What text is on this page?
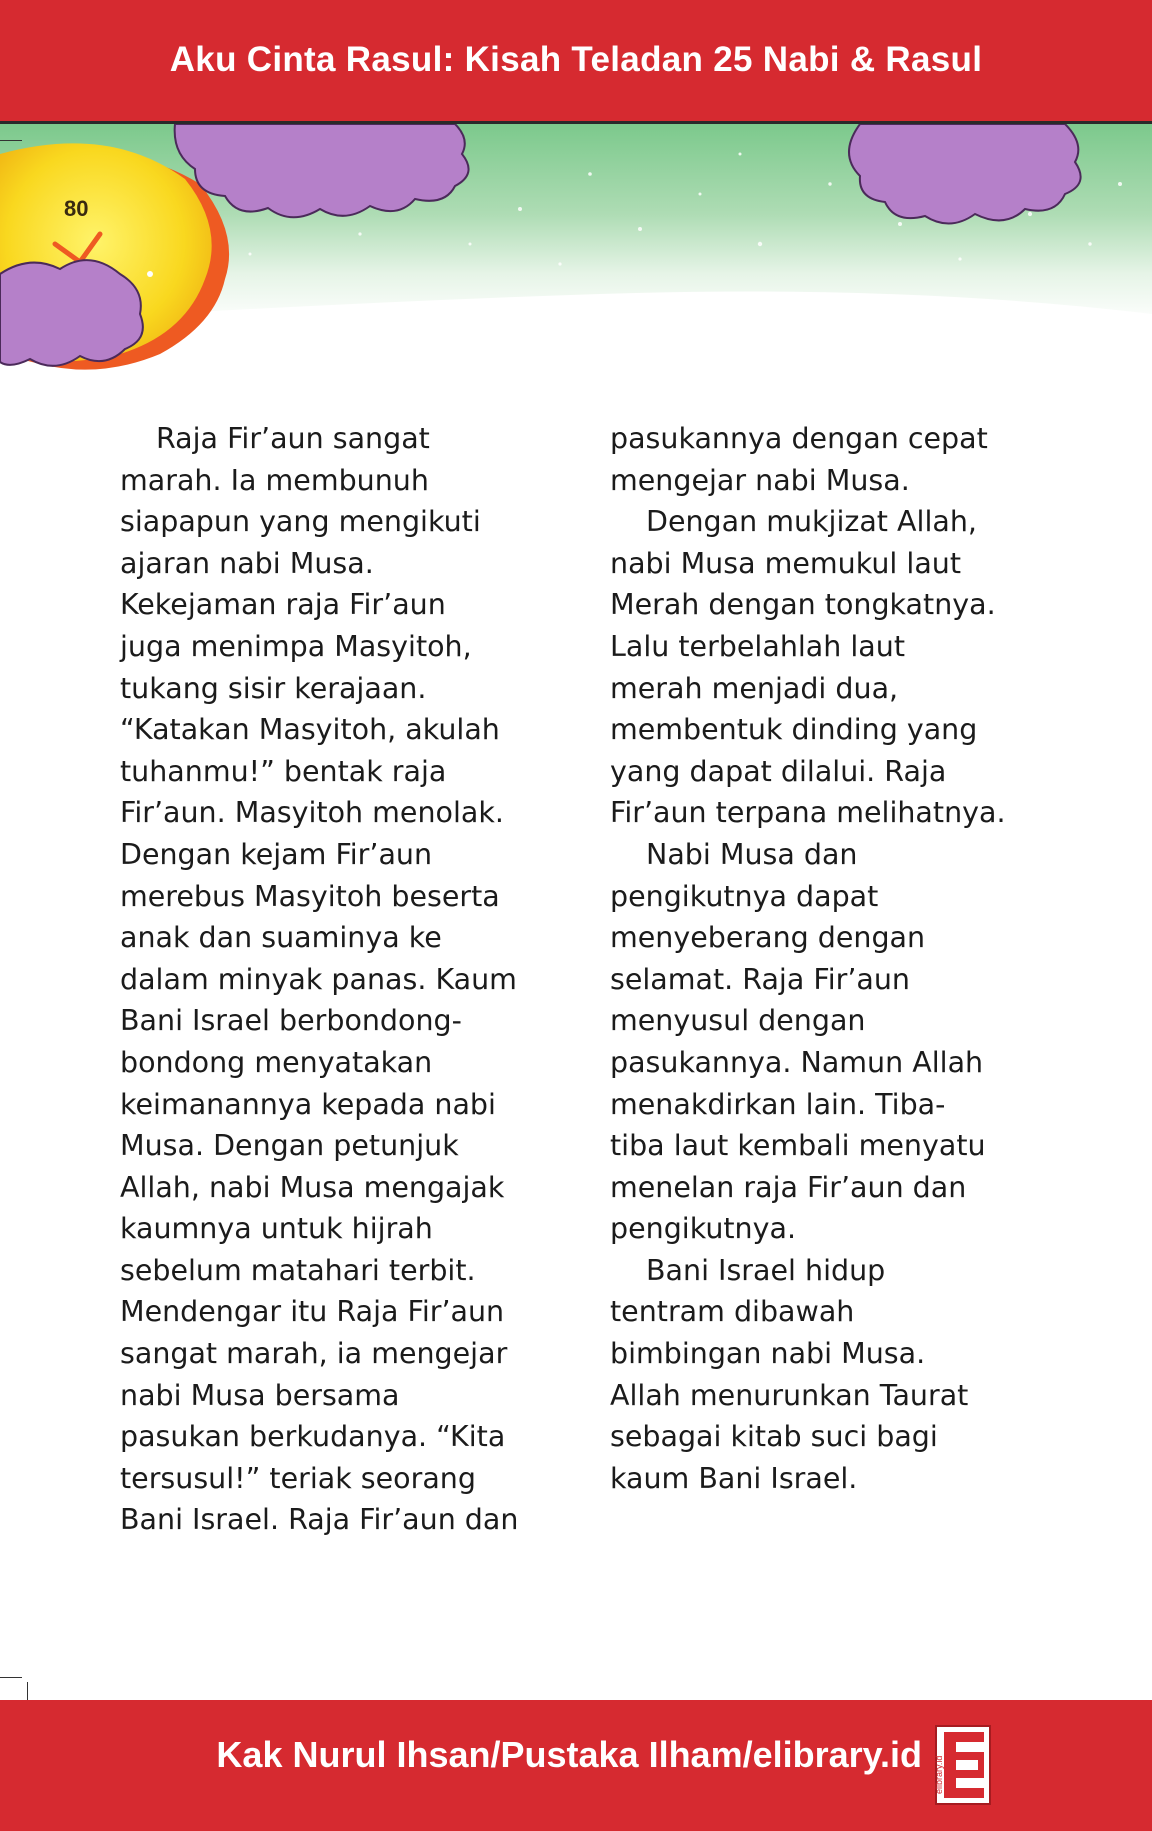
Aku Cinta Rasul: Kisah Teladan 25 Nabi & Rasul
80
Raja Fir’aun sangat
marah. Ia membunuh
siapapun yang mengikuti
ajaran nabi Musa.
Kekejaman raja Fir’aun
juga menimpa Masyitoh,
tukang sisir kerajaan.
“Katakan Masyitoh, akulah
tuhanmu!” bentak raja
Fir’aun. Masyitoh menolak.
Dengan kejam Fir’aun
merebus Masyitoh beserta
anak dan suaminya ke
dalam minyak panas. Kaum
Bani Israel berbondong-
bondong menyatakan
keimanannya kepada nabi
Musa. Dengan petunjuk
Allah, nabi Musa mengajak
kaumnya untuk hijrah
sebelum matahari terbit.
Mendengar itu Raja Fir’aun
sangat marah, ia mengejar
nabi Musa bersama
pasukan berkudanya. “Kita
tersusul!” teriak seorang
Bani Israel. Raja Fir’aun dan
pasukannya dengan cepat
mengejar nabi Musa.
Dengan mukjizat Allah,
nabi Musa memukul laut
Merah dengan tongkatnya.
Lalu terbelahlah laut
merah menjadi dua,
membentuk dinding yang
yang dapat dilalui. Raja
Fir’aun terpana melihatnya.
Nabi Musa dan
pengikutnya dapat
menyeberang dengan
selamat. Raja Fir’aun
menyusul dengan
pasukannya. Namun Allah
menakdirkan lain. Tiba-
tiba laut kembali menyatu
menelan raja Fir’aun dan
pengikutnya.
Bani Israel hidup
tentram dibawah
bimbingan nabi Musa.
Allah menurunkan Taurat
sebagai kitab suci bagi
kaum Bani Israel.
Kak Nurul Ihsan/Pustaka Ilham/elibrary.id elibrary.id
